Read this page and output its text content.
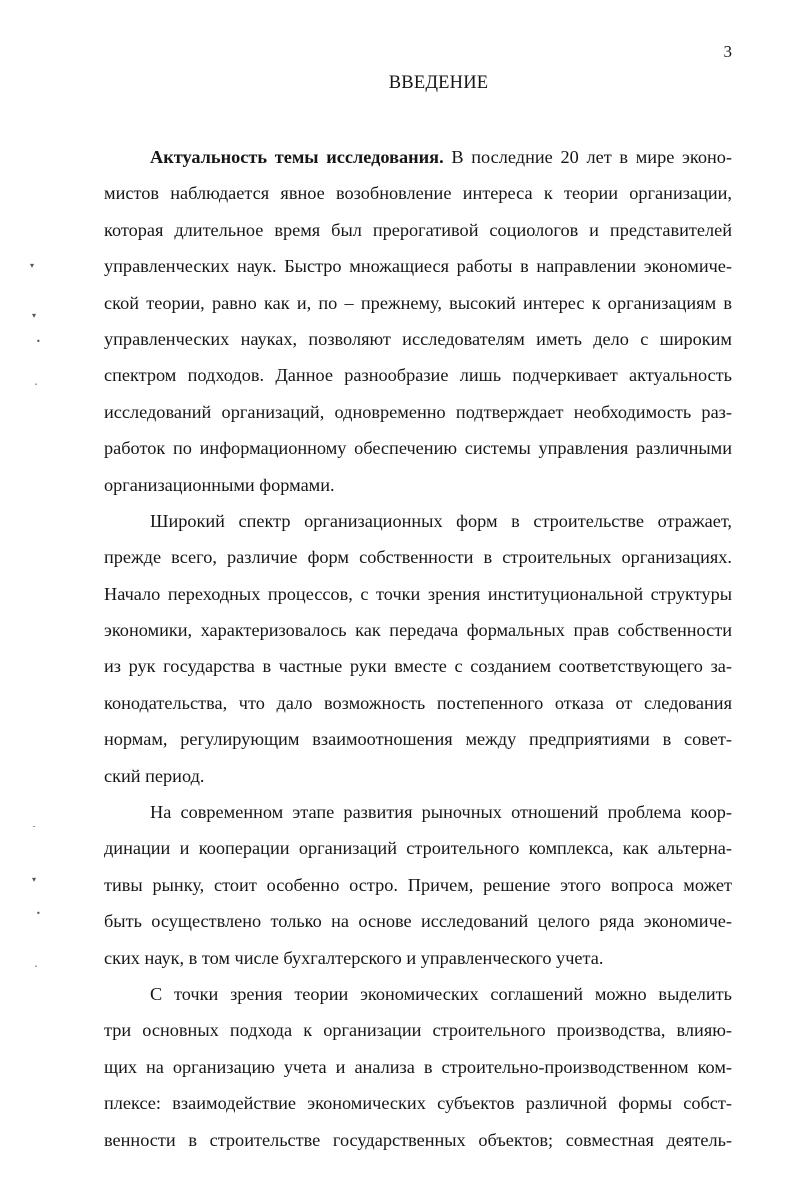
3
ВВЕДЕНИЕ
▾
▾
•
ˇ
ˉ
▾
•
ˇ
Актуальность темы исследования. В последние 20 лет в мире эконо-
мистов наблюдается явное возобновление интереса к теории организации,
которая длительное время был прерогативой социологов и представителей
управленческих наук. Быстро множащиеся работы в направлении экономиче-
ской теории, равно как и, по – прежнему, высокий интерес к организациям в
управленческих науках, позволяют исследователям иметь дело с широким
спектром подходов. Данное разнообразие лишь подчеркивает актуальность
исследований организаций, одновременно подтверждает необходимость раз-
работок по информационному обеспечению системы управления различными
организационными формами.
Широкий спектр организационных форм в строительстве отражает,
прежде всего, различие форм собственности в строительных организациях.
Начало переходных процессов, с точки зрения институциональной структуры
экономики, характеризовалось как передача формальных прав собственности
из рук государства в частные руки вместе с созданием соответствующего за-
конодательства, что дало возможность постепенного отказа от следования
нормам, регулирующим взаимоотношения между предприятиями в совет-
ский период.
На современном этапе развития рыночных отношений проблема коор-
динации и кооперации организаций строительного комплекса, как альтерна-
тивы рынку, стоит особенно остро. Причем, решение этого вопроса может
быть осуществлено только на основе исследований целого ряда экономиче-
ских наук, в том числе бухгалтерского и управленческого учета.
С точки зрения теории экономических соглашений можно выделить
три основных подхода к организации строительного производства, влияю-
щих на организацию учета и анализа в строительно-производственном ком-
плексе: взаимодействие экономических субъектов различной формы собст-
венности в строительстве государственных объектов; совместная деятель-
